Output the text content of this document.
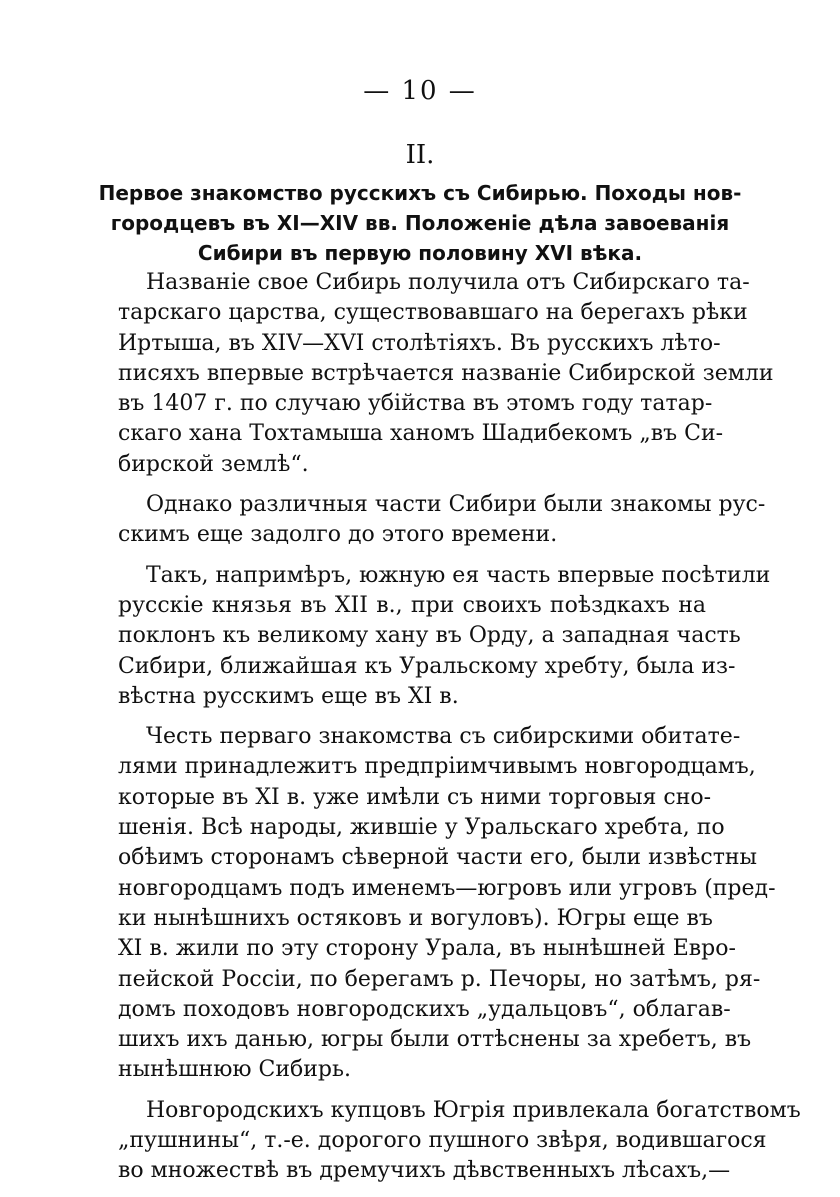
— 10 —
II.
Первое знакомство русскихъ съ Сибирью. Походы нов-
городцевъ въ XI—XIV вв. Положеніе дѣла завоеванія
Сибири въ первую половину XVI вѣка.

Названіе свое Сибирь получила отъ Сибирскаго та-
тарскаго царства, существовавшаго на берегахъ рѣки
Иртыша, въ XIV—XVI столѣтіяхъ. Въ русскихъ лѣто-
писяхъ впервые встрѣчается названіе Сибирской земли
въ 1407 г. по случаю убійства въ этомъ году татар-
скаго хана Тохтамыша ханомъ Шадибекомъ „въ Си-
бирской землѣ“.

Однако различныя части Сибири были знакомы рус-
скимъ еще задолго до этого времени.

Такъ, напримѣръ, южную ея часть впервые посѣтили
русскіе князья въ XII в., при своихъ поѣздкахъ на
поклонъ къ великому хану въ Орду, а западная часть
Сибири, ближайшая къ Уральскому хребту, была из-
вѣстна русскимъ еще въ XI в.

Честь перваго знакомства съ сибирскими обитате-
лями принадлежитъ предпріимчивымъ новгородцамъ,
которые въ XI в. уже имѣли съ ними торговыя сно-
шенія. Всѣ народы, жившіе у Уральскаго хребта, по
обѣимъ сторонамъ сѣверной части его, были извѣстны
новгородцамъ подъ именемъ—югровъ или угровъ (пред-
ки нынѣшнихъ остяковъ и вогуловъ). Югры еще въ
XI в. жили по эту сторону Урала, въ нынѣшней Евро-
пейской Россіи, по берегамъ р. Печоры, но затѣмъ, ря-
домъ походовъ новгородскихъ „удальцовъ“, облагав-
шихъ ихъ данью, югры были оттѣснены за хребетъ, въ
нынѣшнюю Сибирь.

Новгородскихъ купцовъ Югрія привлекала богатствомъ
„пушнины“, т.-е. дорогого пушного звѣря, водившагося
во множествѣ въ дремучихъ дѣвственныхъ лѣсахъ,—
